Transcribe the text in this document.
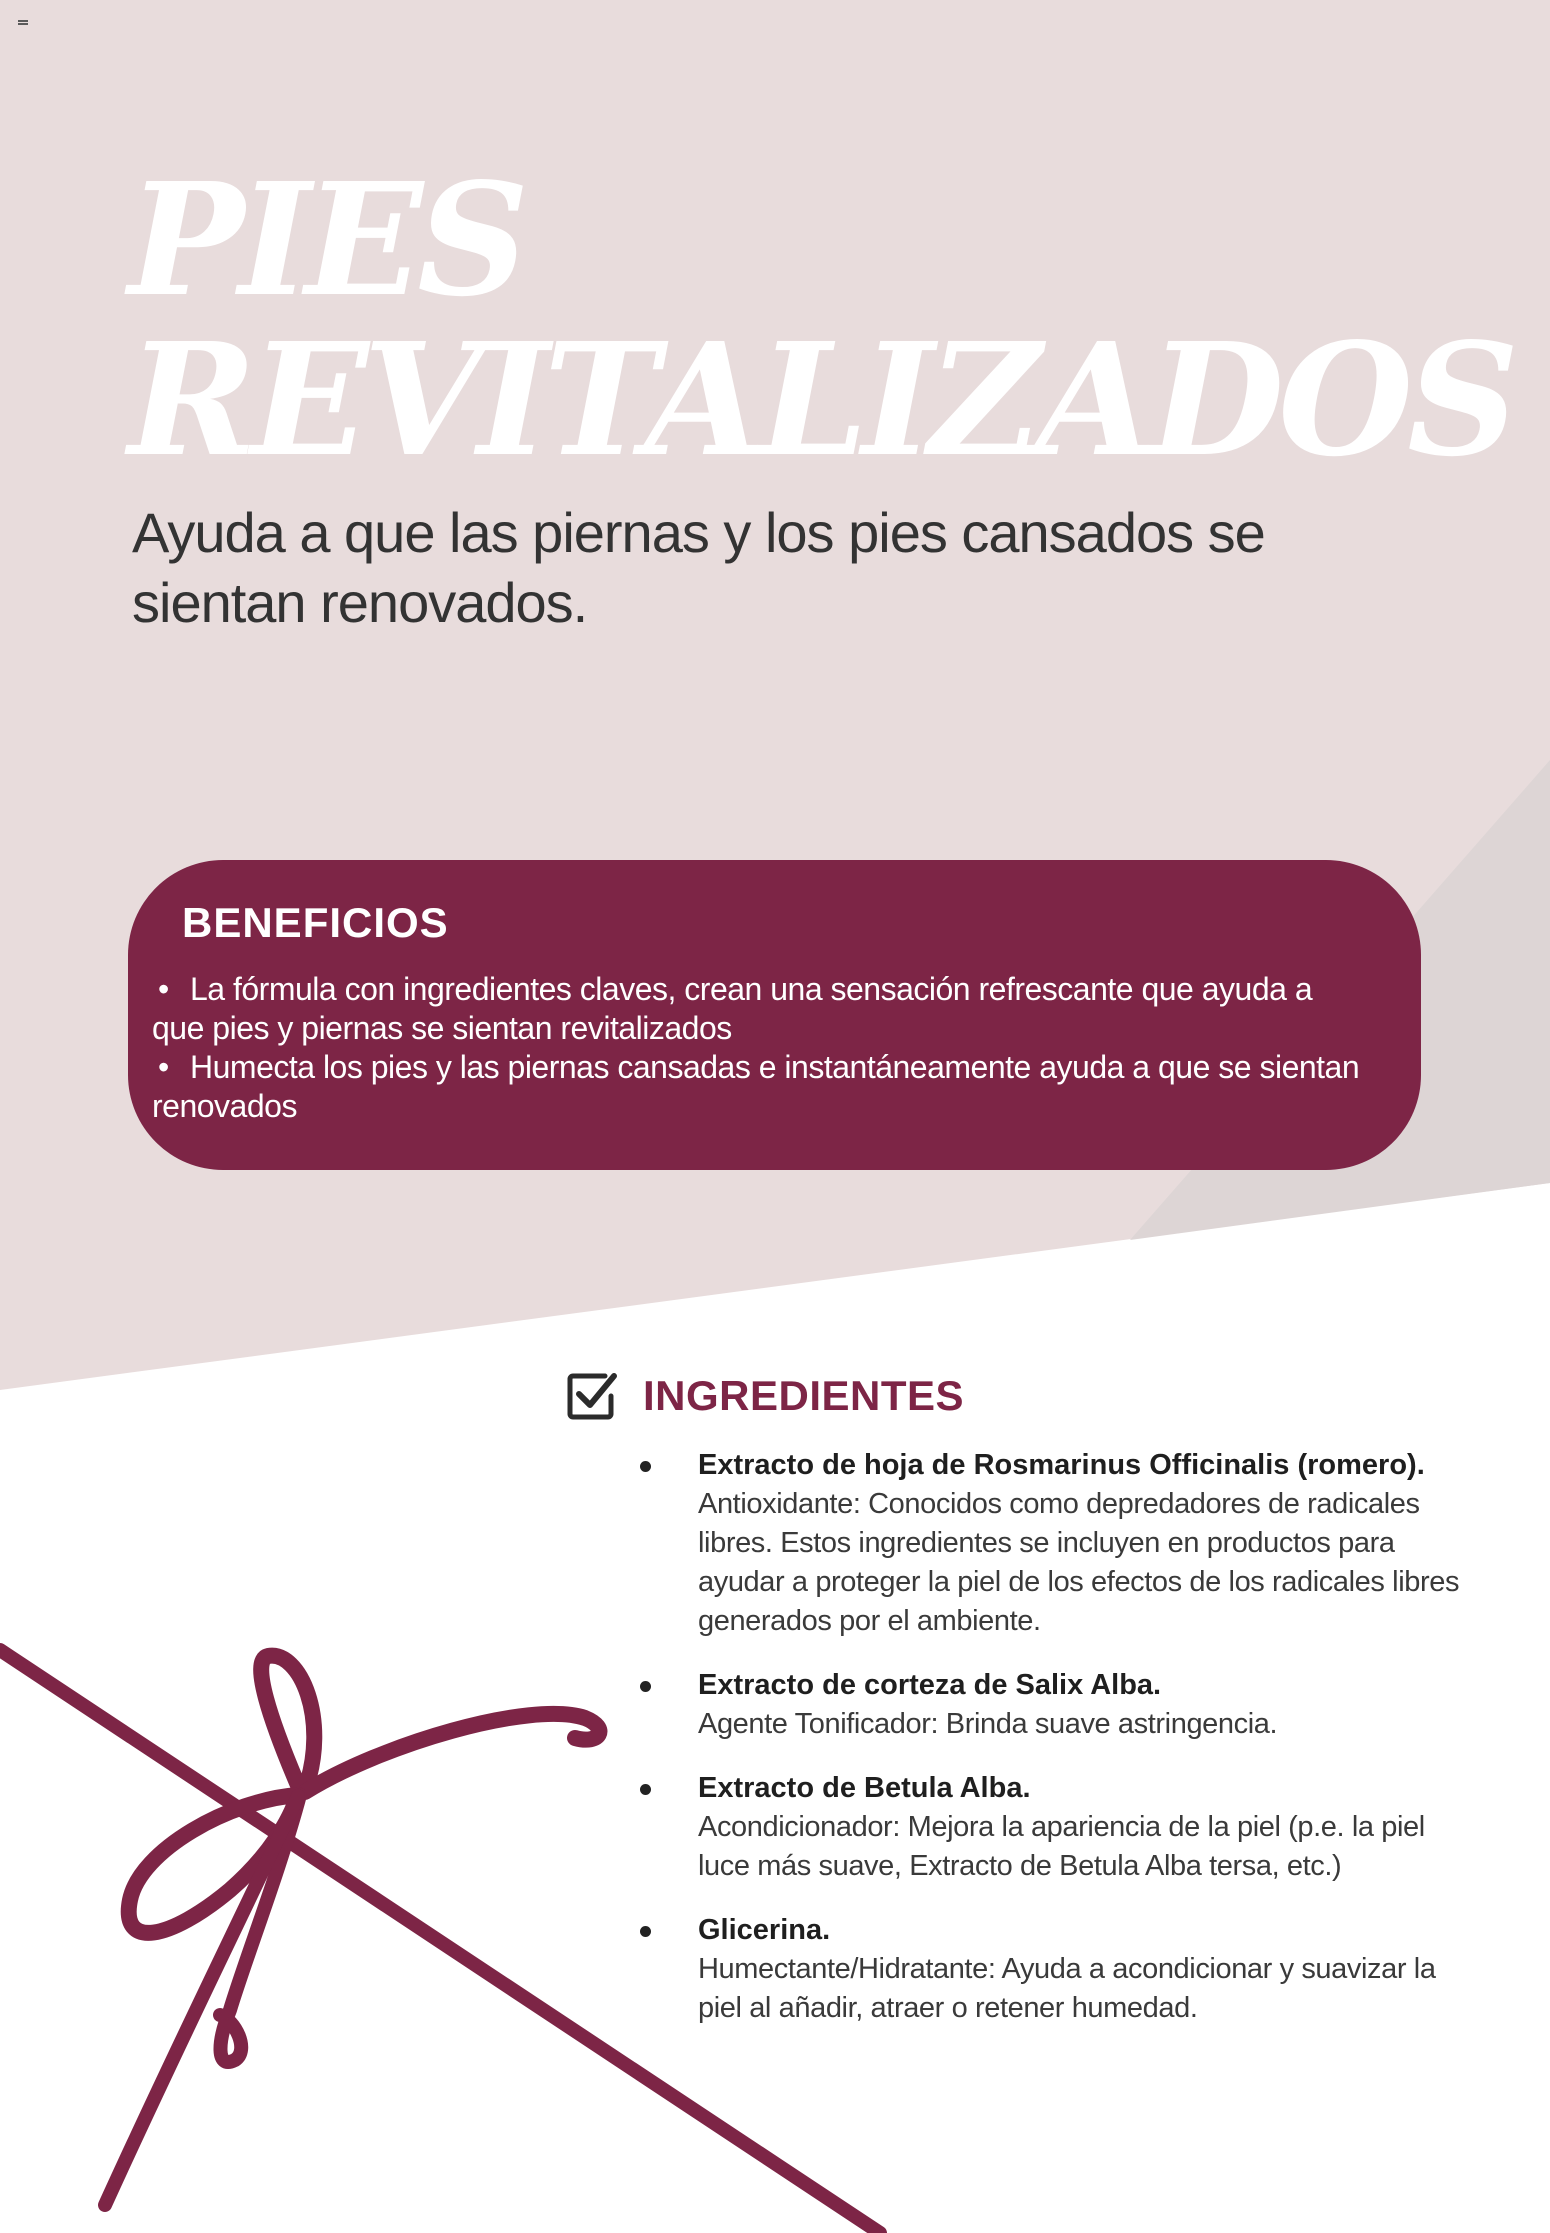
PIES
REVITALIZADOS

Ayuda a que las piernas y los pies cansados se sientan renovados.

BENEFICIOS
• La fórmula con ingredientes claves, crean una sensación refrescante que ayuda a que pies y piernas se sientan revitalizados
• Humecta los pies y las piernas cansadas e instantáneamente ayuda a que se sientan renovados
INGREDIENTES
Extracto de hoja de Rosmarinus Officinalis (romero).
Antioxidante: Conocidos como depredadores de radicales libres. Estos ingredientes se incluyen en productos para ayudar a proteger la piel de los efectos de los radicales libres generados por el ambiente.
Extracto de corteza de Salix Alba.
Agente Tonificador: Brinda suave astringencia.
Extracto de Betula Alba.
Acondicionador: Mejora la apariencia de la piel (p.e. la piel luce más suave, Extracto de Betula Alba tersa, etc.)
Glicerina.
Humectante/Hidratante: Ayuda a acondicionar y suavizar la piel al añadir, atraer o retener humedad.
